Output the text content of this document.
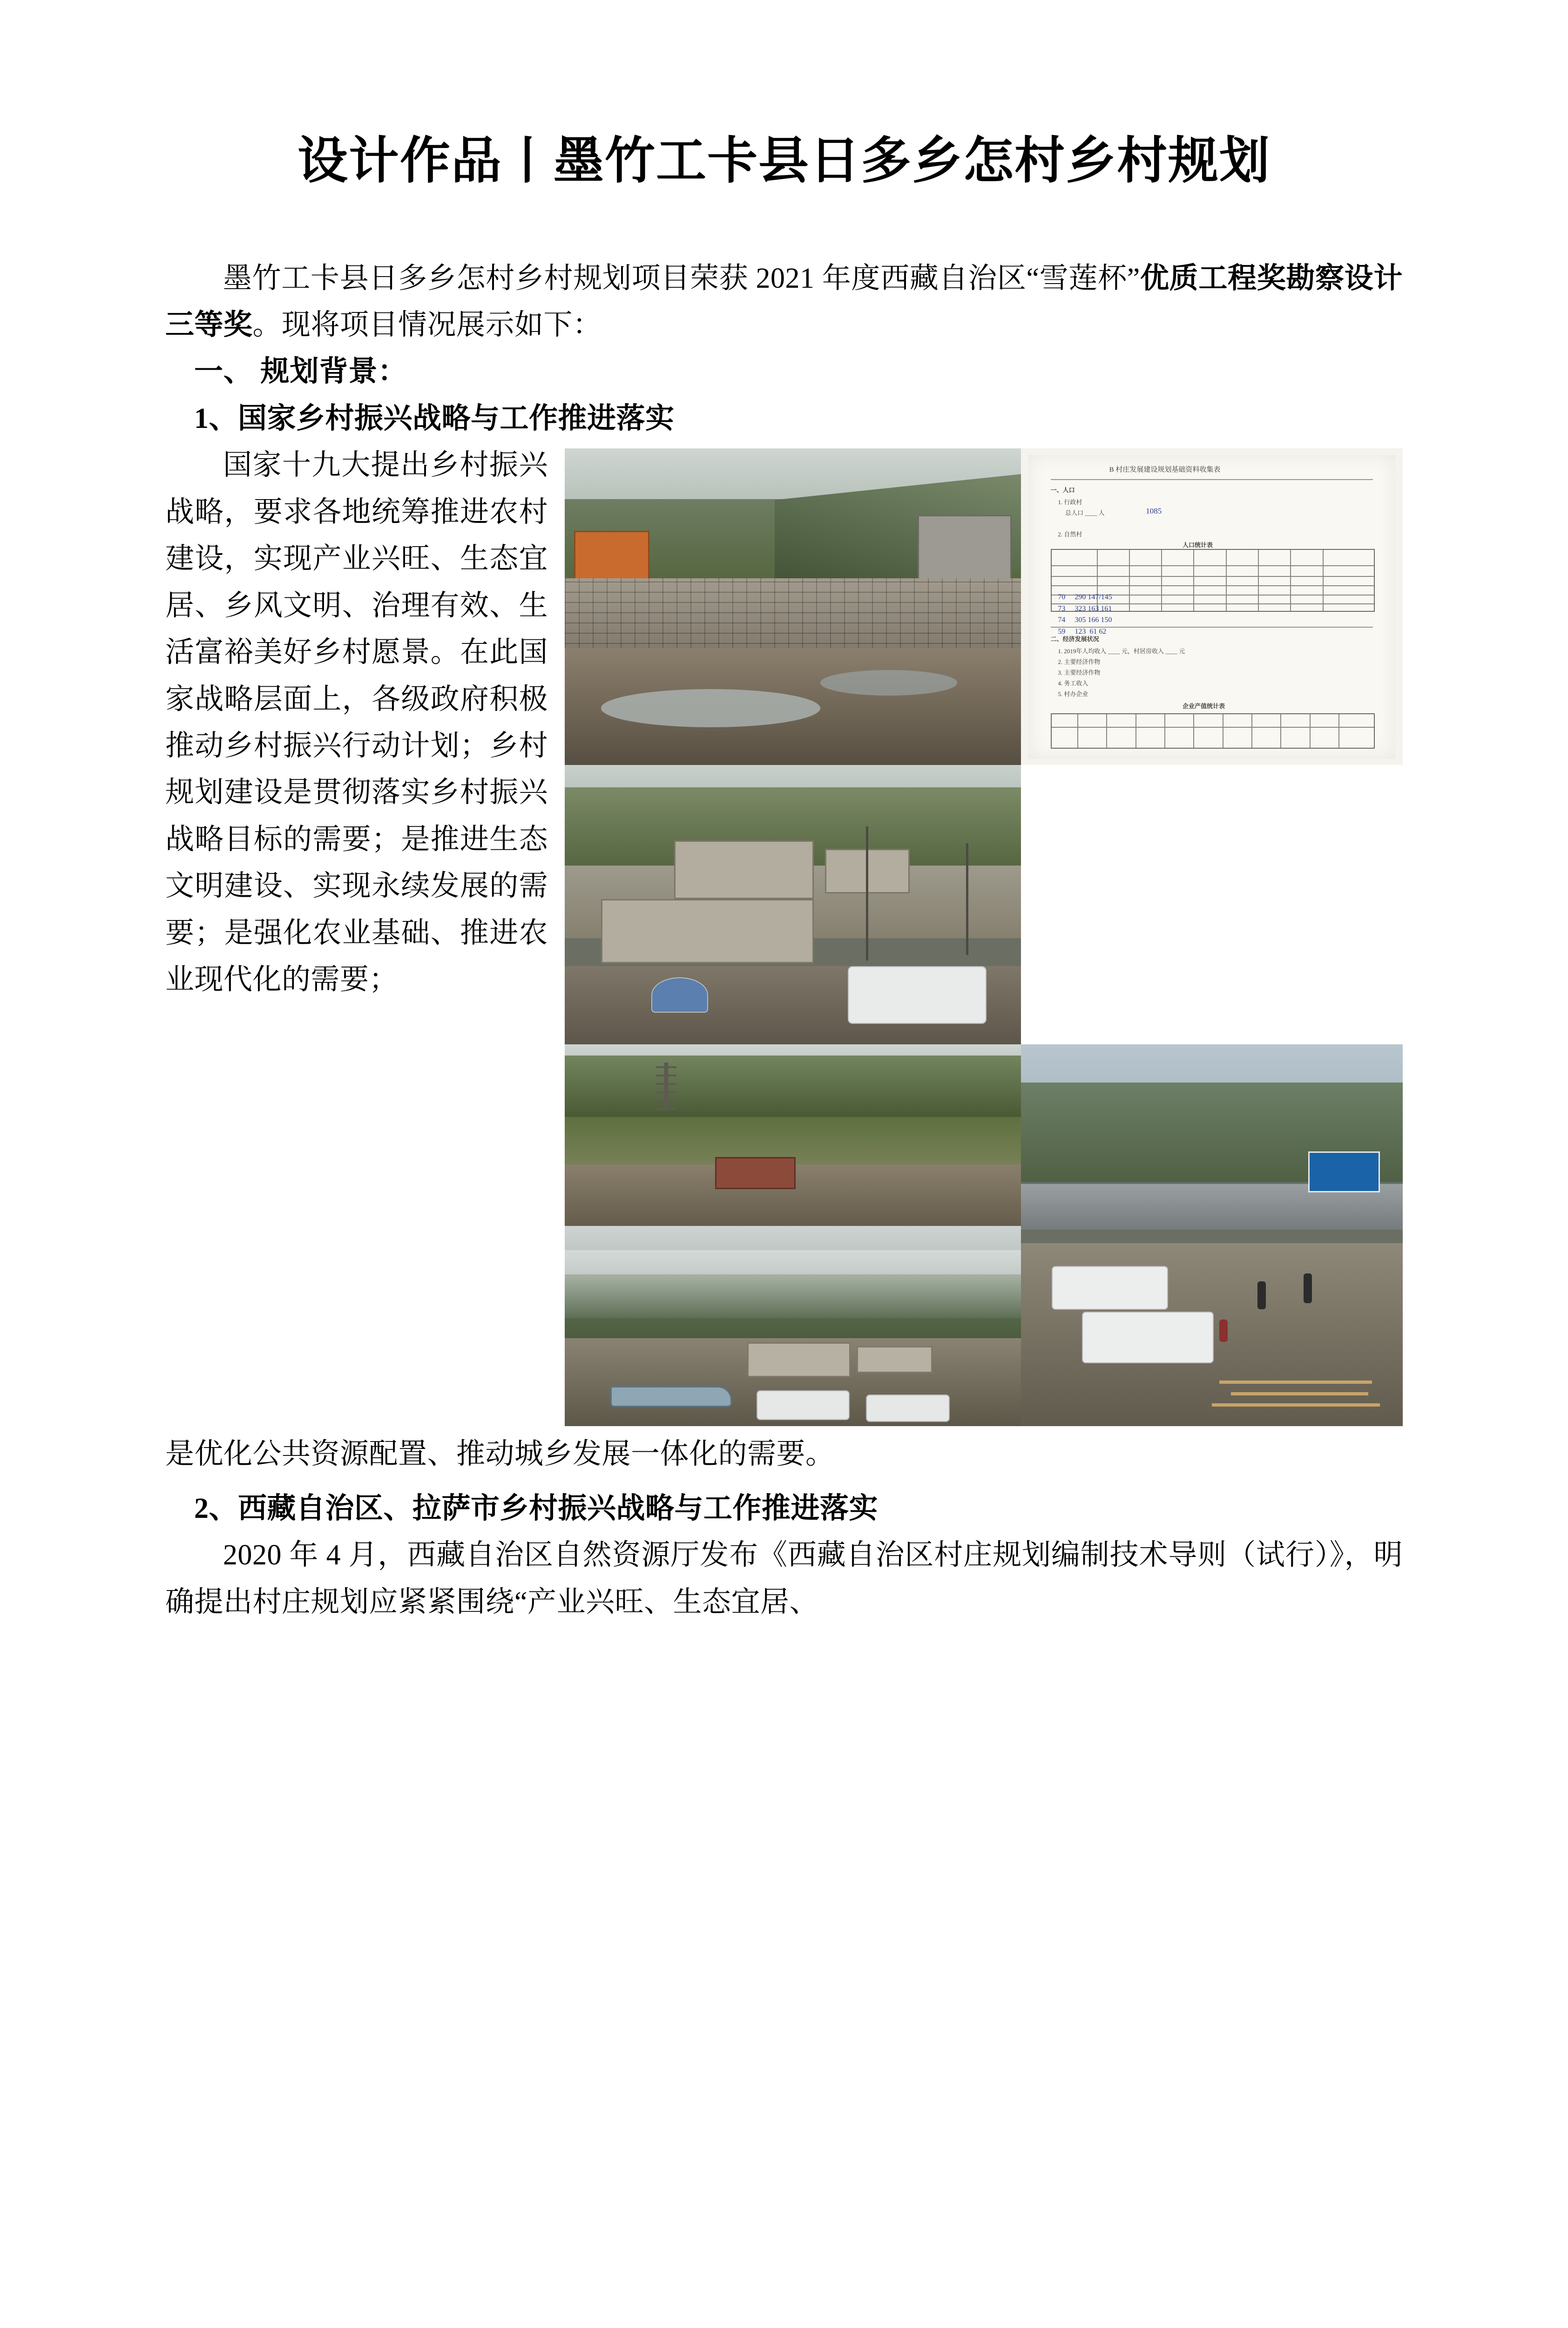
设计作品丨墨竹工卡县日多乡怎村乡村规划

墨竹工卡县日多乡怎村乡村规划项目荣获 2021 年度西藏自治区“雪莲杯”优质工程奖勘察设计三等奖。现将项目情况展示如下：

一、 规划背景：

1、国家乡村振兴战略与工作推进落实

B 村庄发展建设规划基础资料收集表
一、人口
1. 行政村
总人口 ____ 人	1085
2. 自然村
人口统计表
70     290 147/145
73     323 163 161
74     305 166 150
59     123  61 62
二、经济发展状况
1. 2019年人均收入 ____ 元，村居房收入 ____ 元
2. 主要经济作物
3. 主要经济作物
4. 务工收入
5. 村办企业
企业产值统计表

国家十九大提出乡村振兴战略，要求各地统筹推进农村建设，实现产业兴旺、生态宜居、乡风文明、治理有效、生活富裕美好乡村愿景。在此国家战略层面上，各级政府积极推动乡村振兴行动计划；乡村规划建设是贯彻落实乡村振兴战略目标的需要；是推进生态文明建设、实现永续发展的需要；是强化农业基础、推进农业现代化的需要；

是优化公共资源配置、推动城乡发展一体化的需要。

2、西藏自治区、拉萨市乡村振兴战略与工作推进落实

2020 年 4 月，西藏自治区自然资源厅发布《西藏自治区村庄规划编制技术导则（试行）》，明确提出村庄规划应紧紧围绕“产业兴旺、生态宜居、
